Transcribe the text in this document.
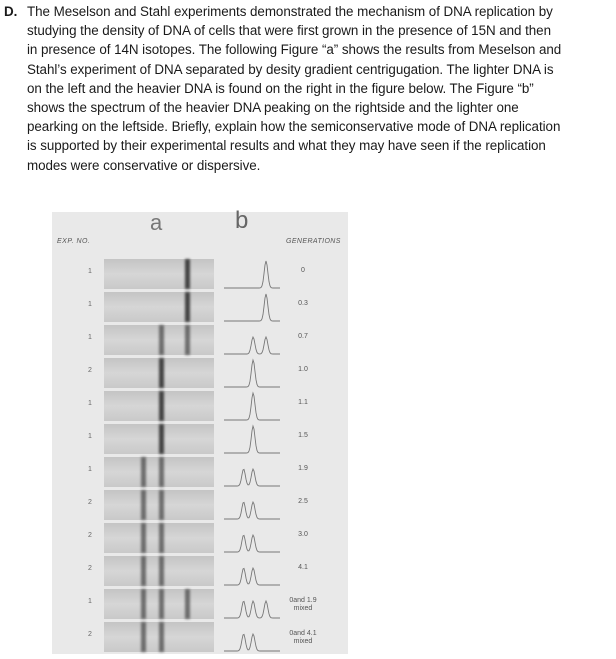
D. The Meselson and Stahl experiments demonstrated the mechanism of DNA replication by
studying the density of DNA of cells that were first grown in the presence of 15N and then
in presence of 14N isotopes. The following Figure “a” shows the results from Meselson and
Stahl’s experiment of DNA separated by desity gradient centrigugation. The lighter DNA is
on the left and the heavier DNA is found on the right in the figure below. The Figure “b”
shows the spectrum of the heavier DNA peaking on the rightside and the lighter one
pearking on the leftside. Briefly, explain how the semiconservative mode of DNA replication
is supported by their experimental results and what they may have seen if the replication
modes were conservative or dispersive.
a	b
EXP. NO.	GENERATIONS
1	0
1	0.3
1	0.7
2	1.0
1	1.1
1	1.5
1	1.9
2	2.5
2	3.0
2	4.1
1	0and 1.9 mixed
2	0and 4.1 mixed
